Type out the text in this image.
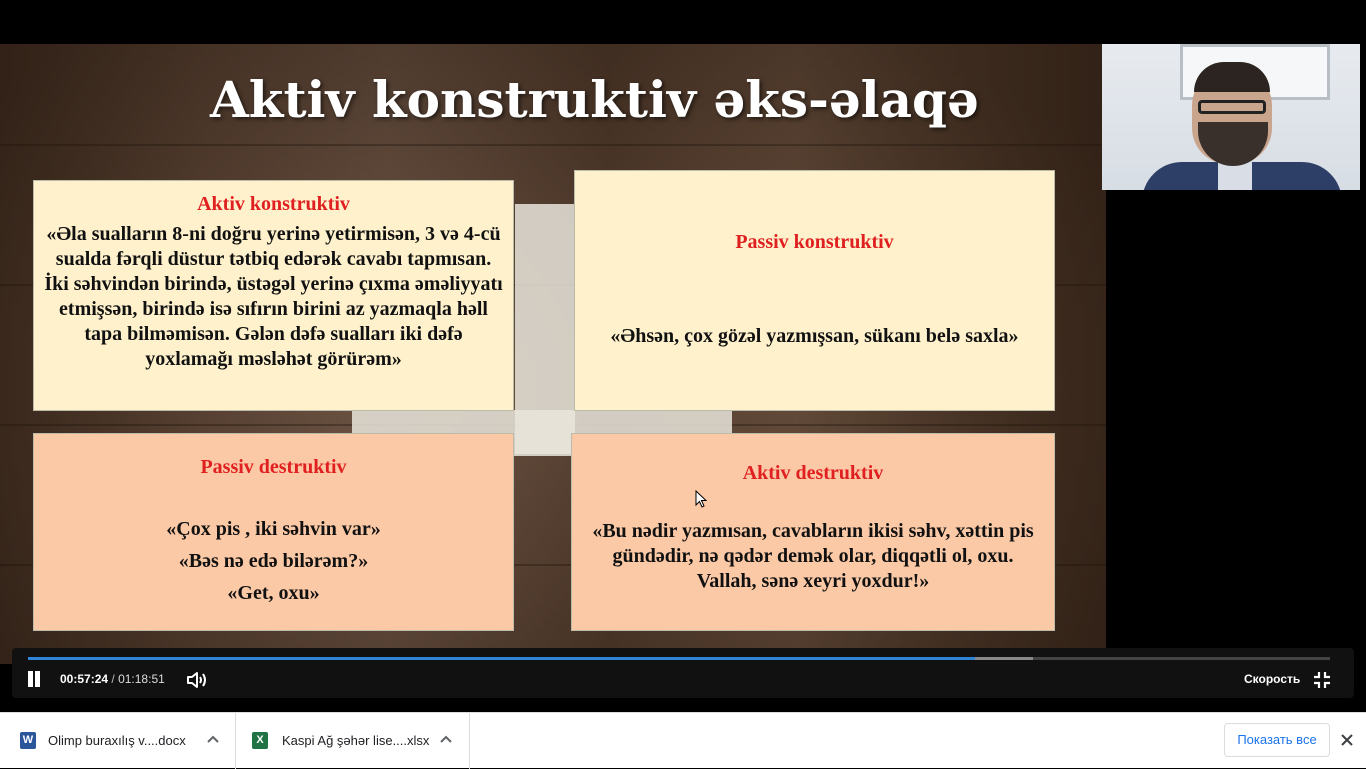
Aktiv konstruktiv əks-əlaqə
Aktiv konstruktiv
«Əla sualların 8-ni doğru yerinə yetirmisən, 3 və 4-cü sualda fərqli düstur tətbiq edərək cavabı tapmısan. İki səhvindən birində, üstəgəl yerinə çıxma əməliyyatı etmişsən, birində isə sıfırın birini az yazmaqla həll tapa bilməmisən. Gələn dəfə sualları iki dəfə yoxlamağı məsləhət görürəm»
Passiv konstruktiv
«Əhsən, çox gözəl yazmışsan, sükanı belə saxla»
Passiv destruktiv
«Çox pis , iki səhvin var»
«Bəs nə edə bilərəm?»
«Get, oxu»
Aktiv destruktiv
«Bu nədir yazmısan, cavabların ikisi səhv, xəttin pis gündədir, nə qədər demək olar, diqqətli ol, oxu. Vallah, sənə xeyri yoxdur!»
00:57:24 / 01:18:51	Скорость
W Olimp buraxılış v....docx	X	Kaspi Ağ şəhər lise....xlsx	Показать все
